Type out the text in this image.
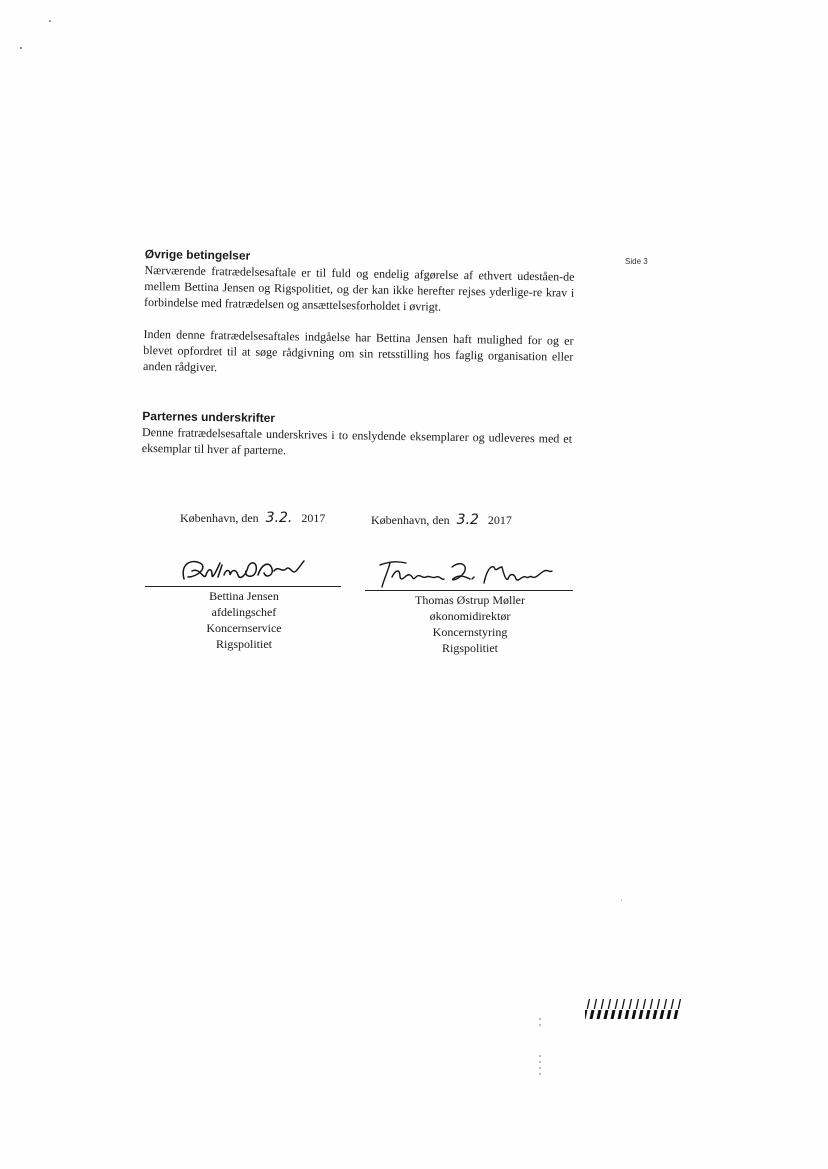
Side 3
Øvrige betingelser

Nærværende fratrædelsesaftale er til fuld og endelig afgørelse af ethvert udeståen-de mellem Bettina Jensen og Rigspolitiet, og der kan ikke herefter rejses yderlige-re krav i forbindelse med fratrædelsen og ansættelsesforholdet i øvrigt.

Inden denne fratrædelsesaftales indgåelse har Bettina Jensen haft mulighed for og er blevet opfordret til at søge rådgivning om sin retsstilling hos faglig organisation eller anden rådgiver.

Parternes underskrifter

Denne fratrædelsesaftale underskrives i to enslydende eksemplarer og udleveres med et eksemplar til hver af parterne.

København, den 3.2. 2017	København, den 3.2 2017
Bettina Jensen
afdelingschef
Koncernservice
Rigspolitiet
Thomas Østrup Møller
økonomidirektør
Koncernstyring
Rigspolitiet
